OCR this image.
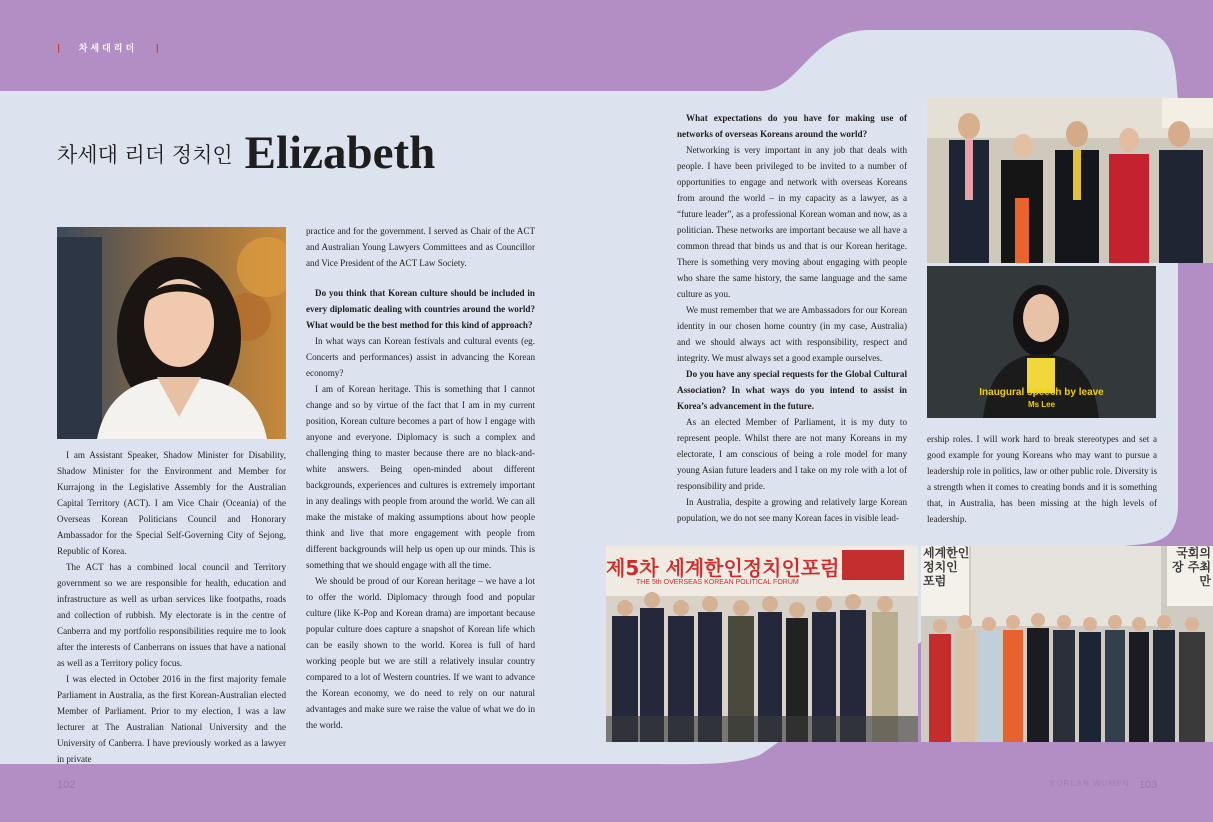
| 차세대리더 |
차세대 리더 정치인 Elizabeth

I am Assistant Speaker, Shadow Minister for Disability, Shadow Minister for the Environment and Member for Kurrajong in the Legislative Assembly for the Australian Capital Territory (ACT). I am Vice Chair (Oceania) of the Overseas Korean Politicians Council and Honorary Ambassador for the Special Self-Governing City of Sejong, Republic of Korea.

The ACT has a combined local council and Territory government so we are responsible for health, education and infrastructure as well as urban services like footpaths, roads and collection of rubbish. My electorate is in the centre of Canberra and my portfolio responsibilities require me to look after the interests of Canberrans on issues that have a national as well as a Territory policy focus.

I was elected in October 2016 in the first majority female Parliament in Australia, as the first Korean-Australian elected Member of Parliament. Prior to my election, I was a law lecturer at The Australian National University and the University of Canberra. I have previously worked as a lawyer in private

practice and for the government. I served as Chair of the ACT and Australian Young Lawyers Committees and as Councillor and Vice President of the ACT Law Society.

Do you think that Korean culture should be included in every diplomatic dealing with countries around the world? What would be the best method for this kind of approach?

In what ways can Korean festivals and cultural events (eg. Concerts and performances) assist in advancing the Korean economy?

I am of Korean heritage. This is something that I cannot change and so by virtue of the fact that I am in my current position, Korean culture becomes a part of how I engage with anyone and everyone. Diplomacy is such a complex and challenging thing to master because there are no black-and-white answers. Being open-minded about different backgrounds, experiences and cultures is extremely important in any dealings with people from around the world. We can all make the mistake of making assumptions about how people think and live that more engagement with people from different backgrounds will help us open up our minds. This is something that we should engage with all the time.

We should be proud of our Korean heritage – we have a lot to offer the world. Diplomacy through food and popular culture (like K-Pop and Korean drama) are important because popular culture does capture a snapshot of Korean life which can be easily shown to the world. Korea is full of hard working people but we are still a relatively insular country compared to a lot of Western countries. If we want to advance the Korean economy, we do need to rely on our natural advantages and make sure we raise the value of what we do in the world.

What expectations do you have for making use of networks of overseas Koreans around the world?

Networking is very important in any job that deals with people. I have been privileged to be invited to a number of opportunities to engage and network with overseas Koreans from around the world – in my capacity as a lawyer, as a “future leader”, as a professional Korean woman and now, as a politician. These networks are important because we all have a common thread that binds us and that is our Korean heritage. There is something very moving about engaging with people who share the same history, the same language and the same culture as you.

We must remember that we are Ambassadors for our Korean identity in our chosen home country (in my case, Australia) and we should always act with responsibility, respect and integrity. We must always set a good example ourselves.

Do you have any special requests for the Global Cultural Association? In what ways do you intend to assist in Korea’s advancement in the future.

As an elected Member of Parliament, it is my duty to represent people. Whilst there are not many Koreans in my electorate, I am conscious of being a role model for many young Asian future leaders and I take on my role with a lot of responsibility and pride.

In Australia, despite a growing and relatively large Korean population, we do not see many Korean faces in visible lead-

ership roles. I will work hard to break stereotypes and set a good example for young Koreans who may want to pursue a leadership role in politics, law or other public role. Diversity is a strength when it comes to creating bonds and it is something that, in Australia, has been missing at the high levels of leadership.

Inaugural speech by leave
Ms Lee
제5차 세계한인정치인포럼
THE 5th OVERSEAS KOREAN POLITICAL FORUM
세계한인 정치인 포럼
국회의장 주최 만
102	KOREAN WOMEN 103
